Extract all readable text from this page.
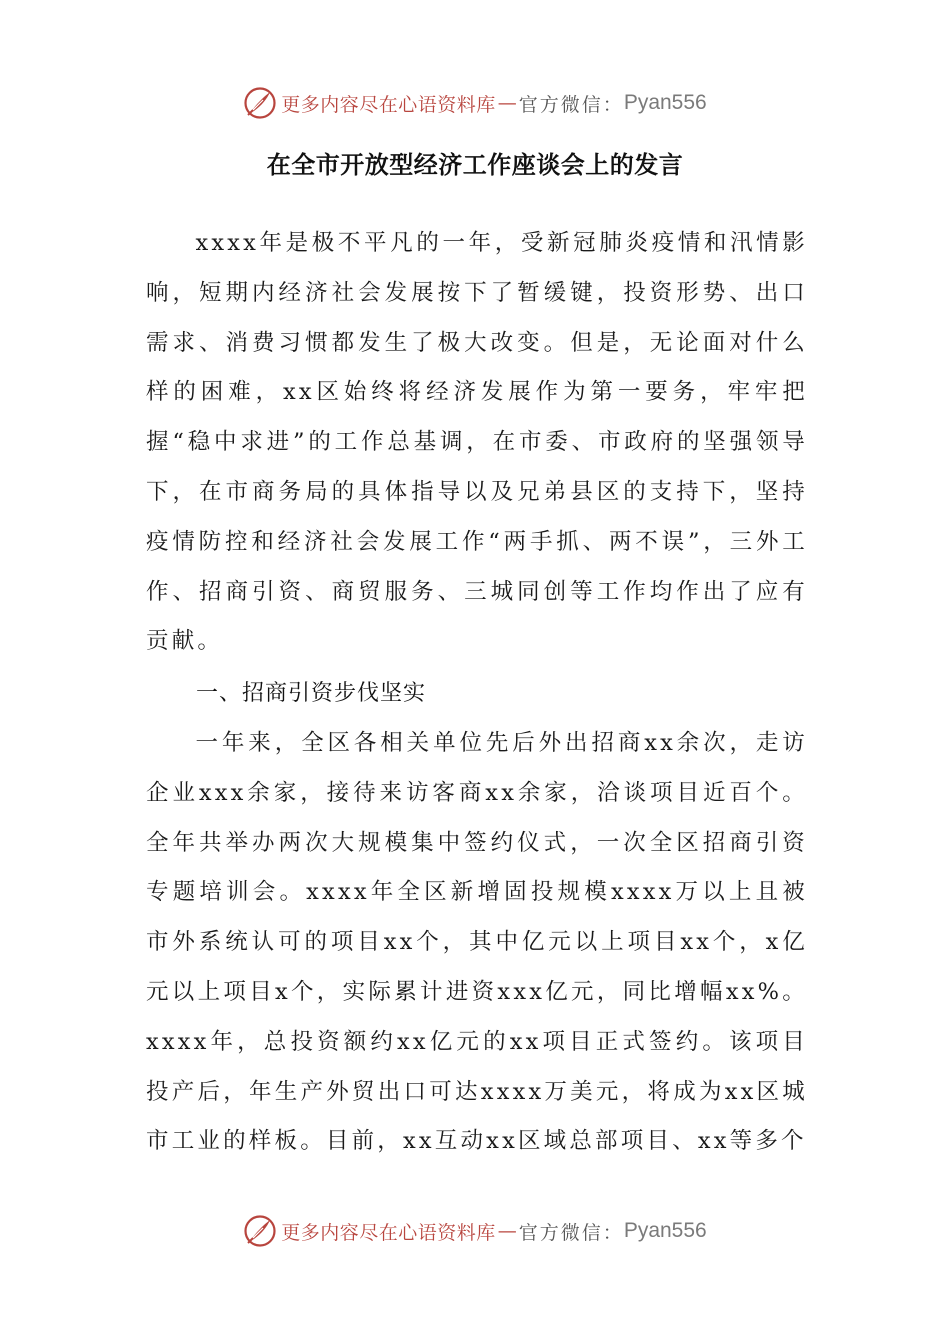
更多内容尽在心语资料库 — 官方微信： Pyan556
在全市开放型经济工作座谈会上的发言

xxxx年是极不平凡的一年，受新冠肺炎疫情和汛情影响，短期内经济社会发展按下了暂缓键，投资形势、出口需求、消费习惯都发生了极大改变。但是，无论面对什么样的困难，xx区始终将经济发展作为第一要务，牢牢把握“稳中求进”的工作总基调，在市委、市政府的坚强领导下，在市商务局的具体指导以及兄弟县区的支持下，坚持疫情防控和经济社会发展工作“两手抓、两不误”，三外工作、招商引资、商贸服务、三城同创等工作均作出了应有贡献。

一、招商引资步伐坚实

一年来，全区各相关单位先后外出招商xx余次，走访企业xxx余家，接待来访客商xx余家，洽谈项目近百个。全年共举办两次大规模集中签约仪式，一次全区招商引资专题培训会。xxxx年全区新增固投规模xxxx万以上且被市外系统认可的项目xx个，其中亿元以上项目xx个，x亿元以上项目x个，实际累计进资xxx亿元，同比增幅xx%。xxxx年，总投资额约xx亿元的xx项目正式签约。该项目投产后，年生产外贸出口可达xxxx万美元，将成为xx区城市工业的样板。目前，xx互动xx区域总部项目、xx等多个

更多内容尽在心语资料库 — 官方微信： Pyan556
